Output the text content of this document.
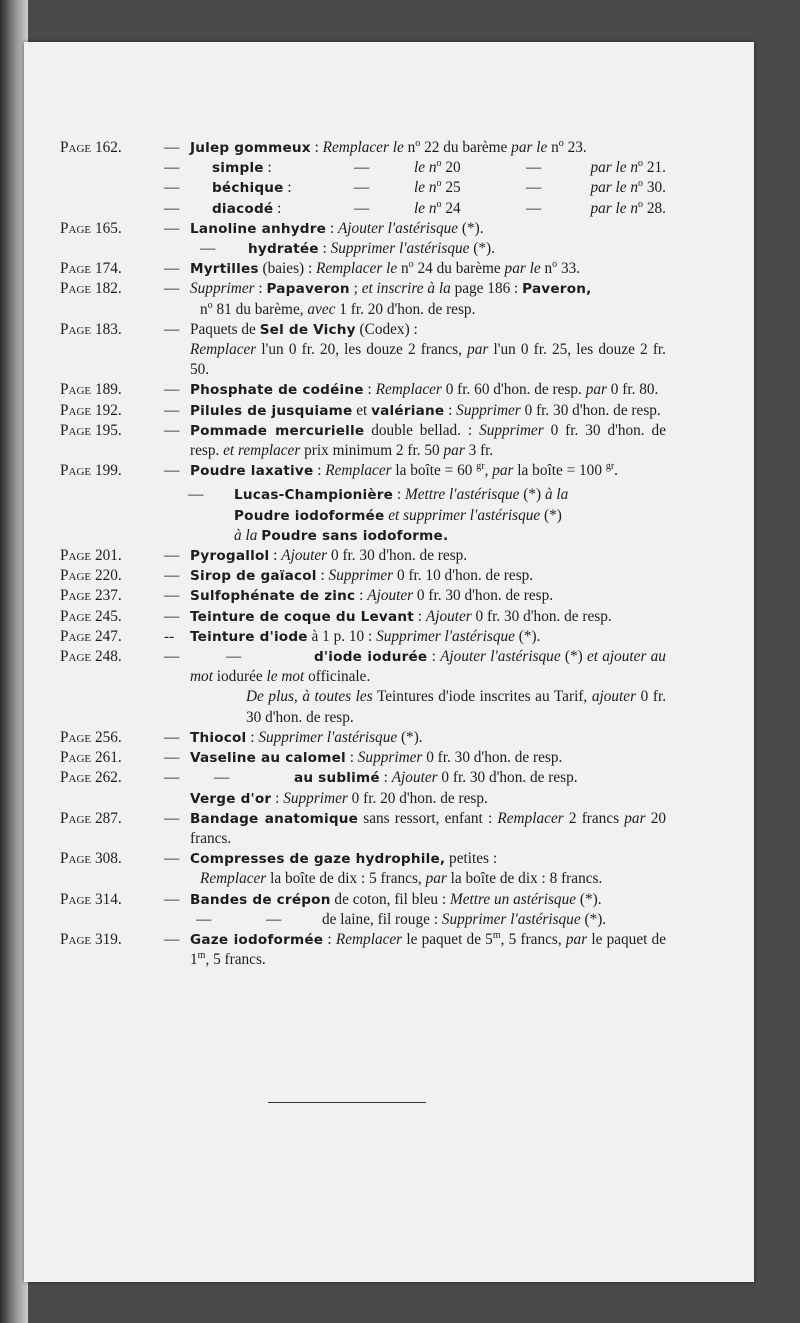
Page 162.	— Julep gommeux : Remplacer le $n^o$ 22 du barème par le $n^o$ 23.
—	simple :	—	le $n^o$ 20	—	par le $n^o$ 21.
—	béchique :	—	le $n^o$ 25	—	par le $n^o$ 30.
—	diacodé :	—	le $n^o$ 24	—	par le $n^o$ 28.
Page 165.	— Lanoline anhydre : Ajouter l'astérisque (*).
— hydratée : Supprimer l'astérisque (*).
Page 174.	— Myrtilles (baies) : Remplacer le $n^o$ 24 du barème par le $n^o$ 33.
Page 182.	— Supprimer : Papaveron ; et inscrire à la page 186 : Paveron,
$n^o$ 81 du barème, avec 1 fr. 20 d'hon. de resp.
Page 183.	— Paquets de Sel de Vichy (Codex) :
Remplacer l'un 0 fr. 20, les douze 2 francs, par l'un 0 fr. 25, les douze 2 fr. 50.
Page 189.	— Phosphate de codéine : Remplacer 0 fr. 60 d'hon. de resp. par 0 fr. 80.
Page 192.	— Pilules de jusquiame et valériane : Supprimer 0 fr. 30 d'hon. de resp.
Page 195.	— Pommade mercurielle double bellad. : Supprimer 0 fr. 30 d'hon. de resp. et remplacer prix minimum 2 fr. 50 par 3 fr.
Page 199.	— Poudre laxative : Remplacer la boîte = 60 $^{gr}$, par la boîte = 100 $^{gr}$.
— Lucas-Championière : Mettre l'astérisque (*) à la
Poudre iodoformée et supprimer l'astérisque (*)
à la Poudre sans iodoforme.
Page 201.	— Pyrogallol : Ajouter 0 fr. 30 d'hon. de resp.
Page 220.	— Sirop de gaïacol : Supprimer 0 fr. 10 d'hon. de resp.
Page 237.	— Sulfophénate de zinc : Ajouter 0 fr. 30 d'hon. de resp.
Page 245.	— Teinture de coque du Levant : Ajouter 0 fr. 30 d'hon. de resp.
Page 247.	--	Teinture d'iode à 1 p. 10 : Supprimer l'astérisque (*).
Page 248.	—	—	d'iode iodurée : Ajouter l'astérisque (*) et ajouter au mot iodurée le mot officinale.
De plus, à toutes les Teintures d'iode inscrites au Tarif, ajouter 0 fr. 30 d'hon. de resp.
Page 256.	— Thiocol : Supprimer l'astérisque (*).
Page 261.	— Vaseline au calomel : Supprimer 0 fr. 30 d'hon. de resp.
Page 262.	—	—	au sublimé : Ajouter 0 fr. 30 d'hon. de resp.
Verge d'or : Supprimer 0 fr. 20 d'hon. de resp.
Page 287.	— Bandage anatomique sans ressort, enfant : Remplacer 2 francs par 20 francs.
Page 308.	— Compresses de gaze hydrophile, petites :
Remplacer la boîte de dix : 5 francs, par la boîte de dix : 8 francs.
Page 314.	— Bandes de crépon de coton, fil bleu : Mettre un astérisque (*).
—	—	de laine, fil rouge : Supprimer l'astérisque (*).
Page 319.	— Gaze iodoformée : Remplacer le paquet de 5$^m$, 5 francs, par le paquet de 1$^m$, 5 francs.
